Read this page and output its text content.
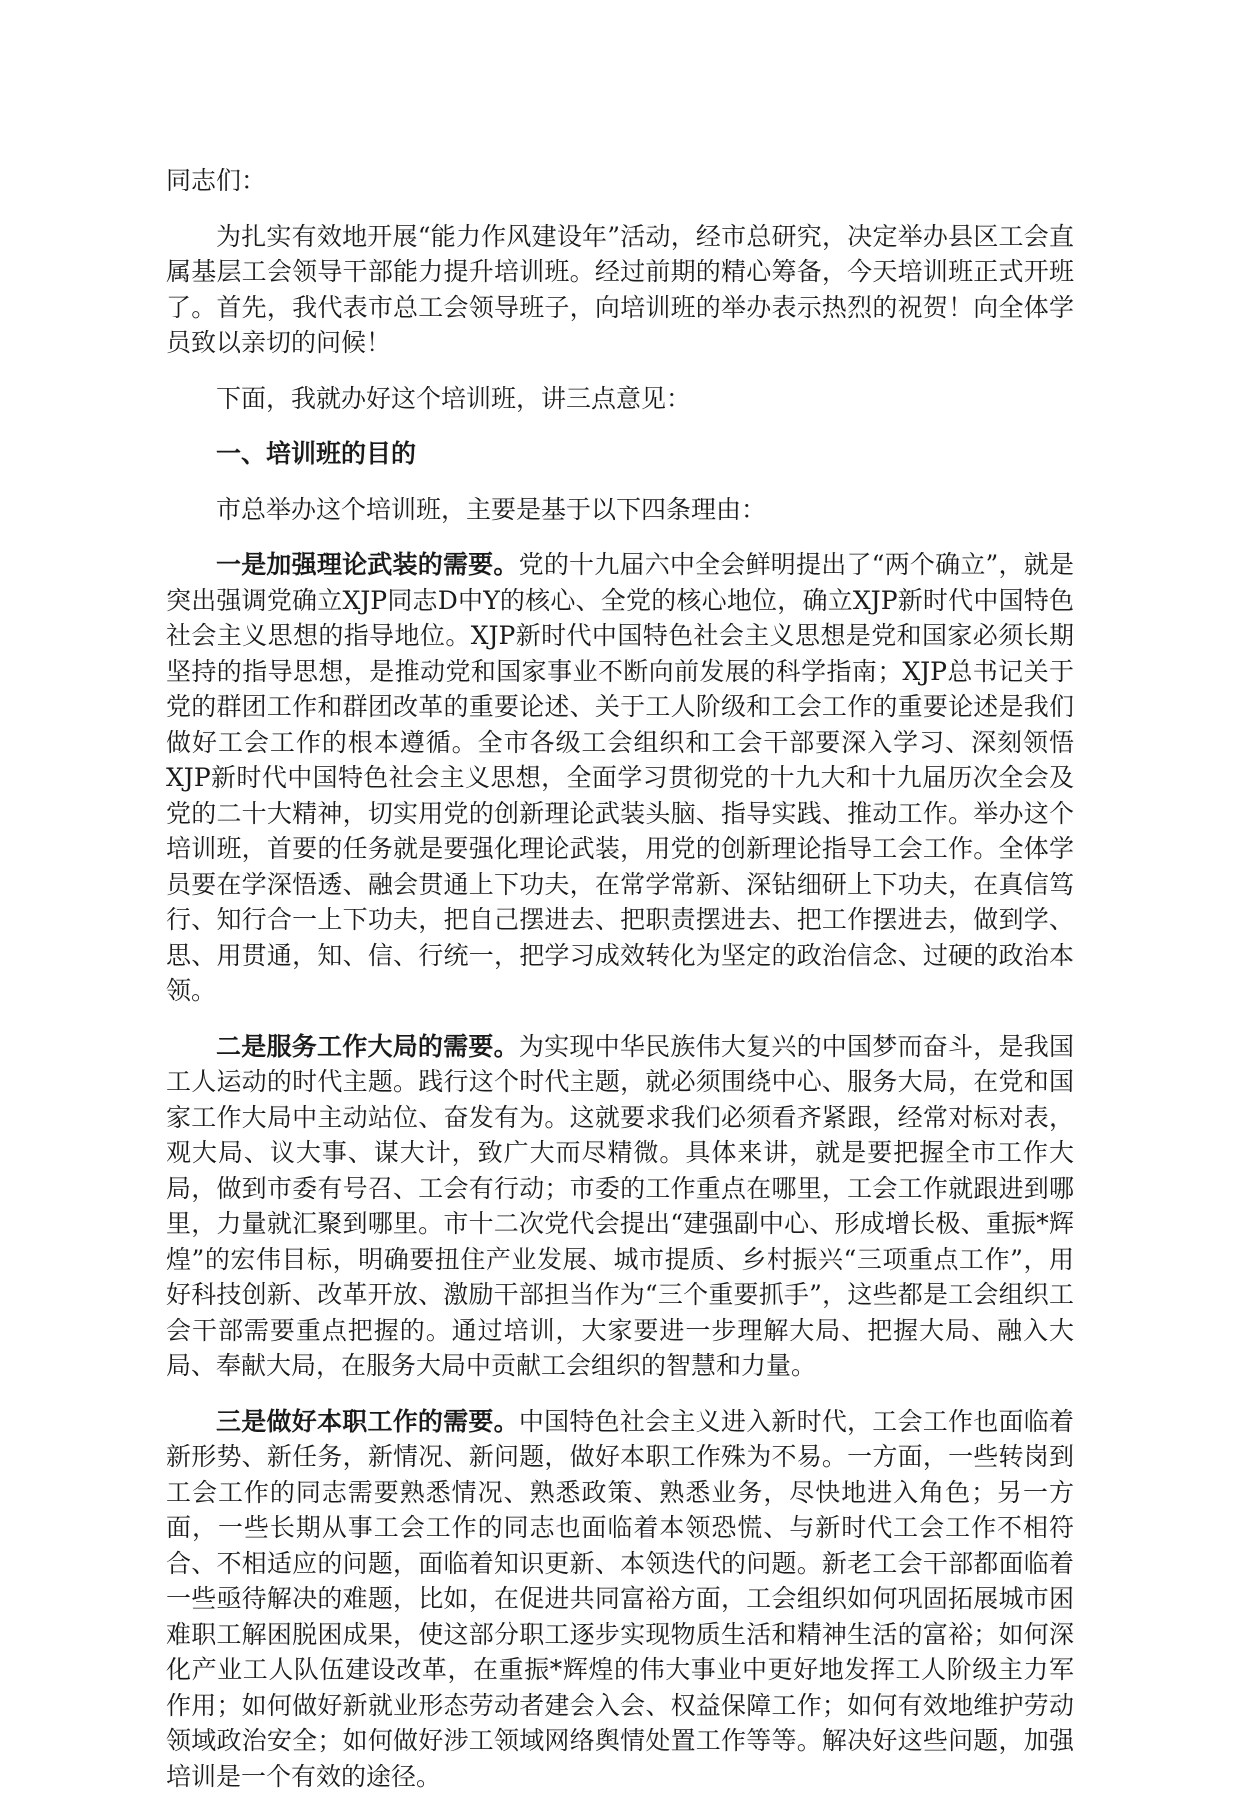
同志们：

为扎实有效地开展“能力作风建设年”活动，经市总研究，决定举办县区工会直属基层工会领导干部能力提升培训班。经过前期的精心筹备，今天培训班正式开班了。首先，我代表市总工会领导班子，向培训班的举办表示热烈的祝贺！向全体学员致以亲切的问候！

下面，我就办好这个培训班，讲三点意见：

一、培训班的目的

市总举办这个培训班，主要是基于以下四条理由：

一是加强理论武装的需要。党的十九届六中全会鲜明提出了“两个确立”，就是突出强调党确立XJP同志D中Y的核心、全党的核心地位，确立XJP新时代中国特色社会主义思想的指导地位。XJP新时代中国特色社会主义思想是党和国家必须长期坚持的指导思想，是推动党和国家事业不断向前发展的科学指南；XJP总书记关于党的群团工作和群团改革的重要论述、关于工人阶级和工会工作的重要论述是我们做好工会工作的根本遵循。全市各级工会组织和工会干部要深入学习、深刻领悟 XJP新时代中国特色社会主义思想，全面学习贯彻党的十九大和十九届历次全会及党的二十大精神，切实用党的创新理论武装头脑、指导实践、推动工作。举办这个培训班，首要的任务就是要强化理论武装，用党的创新理论指导工会工作。全体学员要在学深悟透、融会贯通上下功夫，在常学常新、深钻细研上下功夫，在真信笃行、知行合一上下功夫，把自己摆进去、把职责摆进去、把工作摆进去，做到学、思、用贯通，知、信、行统一，把学习成效转化为坚定的政治信念、过硬的政治本领。

二是服务工作大局的需要。为实现中华民族伟大复兴的中国梦而奋斗，是我国工人运动的时代主题。践行这个时代主题，就必须围绕中心、服务大局，在党和国家工作大局中主动站位、奋发有为。这就要求我们必须看齐紧跟，经常对标对表，观大局、议大事、谋大计，致广大而尽精微。具体来讲，就是要把握全市工作大局，做到市委有号召、工会有行动；市委的工作重点在哪里，工会工作就跟进到哪里，力量就汇聚到哪里。市十二次党代会提出“建强副中心、形成增长极、重振*辉煌”的宏伟目标，明确要扭住产业发展、城市提质、乡村振兴“三项重点工作”，用好科技创新、改革开放、激励干部担当作为“三个重要抓手”，这些都是工会组织工会干部需要重点把握的。通过培训，大家要进一步理解大局、把握大局、融入大局、奉献大局，在服务大局中贡献工会组织的智慧和力量。

三是做好本职工作的需要。中国特色社会主义进入新时代，工会工作也面临着新形势、新任务，新情况、新问题，做好本职工作殊为不易。一方面，一些转岗到工会工作的同志需要熟悉情况、熟悉政策、熟悉业务，尽快地进入角色；另一方面，一些长期从事工会工作的同志也面临着本领恐慌、与新时代工会工作不相符合、不相适应的问题，面临着知识更新、本领迭代的问题。新老工会干部都面临着一些亟待解决的难题，比如，在促进共同富裕方面，工会组织如何巩固拓展城市困难职工解困脱困成果，使这部分职工逐步实现物质生活和精神生活的富裕；如何深化产业工人队伍建设改革，在重振*辉煌的伟大事业中更好地发挥工人阶级主力军作用；如何做好新就业形态劳动者建会入会、权益保障工作；如何有效地维护劳动领域政治安全；如何做好涉工领域网络舆情处置工作等等。解决好这些问题，加强培训是一个有效的途径。
